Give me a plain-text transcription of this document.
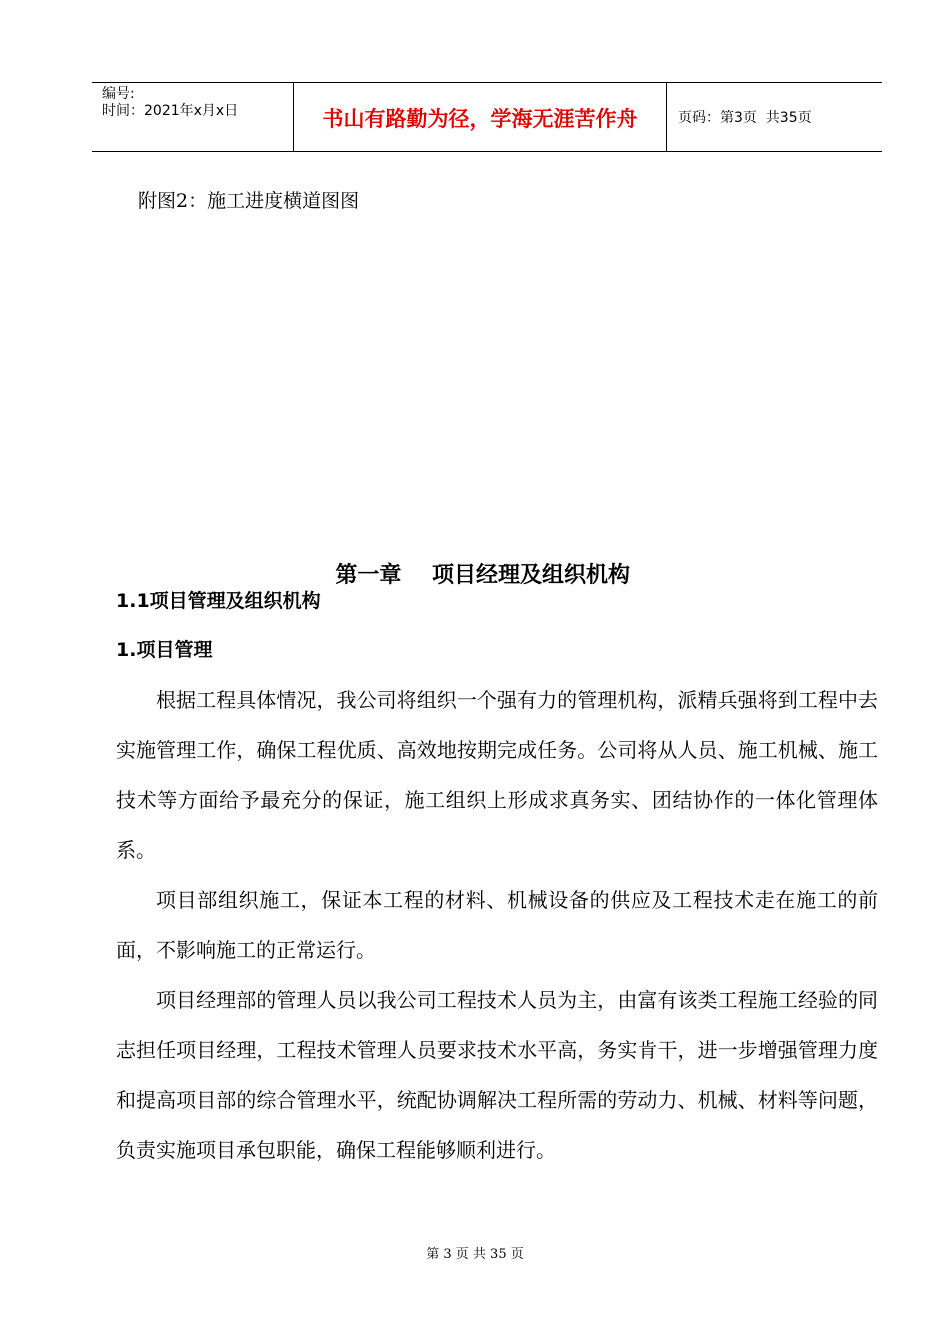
编号:
时间：2021年x月x日	书山有路勤为径，学海无涯苦作舟	页码：第3页  共35页
附图2：施工进度横道图图

第一章    项目经理及组织机构

1.1项目管理及组织机构
1.项目管理

根据工程具体情况，我公司将组织一个强有力的管理机构，派精兵强将到工程中去实施管理工作，确保工程优质、高效地按期完成任务。公司将从人员、施工机械、施工技术等方面给予最充分的保证，施工组织上形成求真务实、团结协作的一体化管理体系。

项目部组织施工，保证本工程的材料、机械设备的供应及工程技术走在施工的前面，不影响施工的正常运行。

项目经理部的管理人员以我公司工程技术人员为主，由富有该类工程施工经验的同志担任项目经理，工程技术管理人员要求技术水平高，务实肯干，进一步增强管理力度和提高项目部的综合管理水平，统配协调解决工程所需的劳动力、机械、材料等问题，负责实施项目承包职能，确保工程能够顺利进行。

第 3 页 共 35 页
